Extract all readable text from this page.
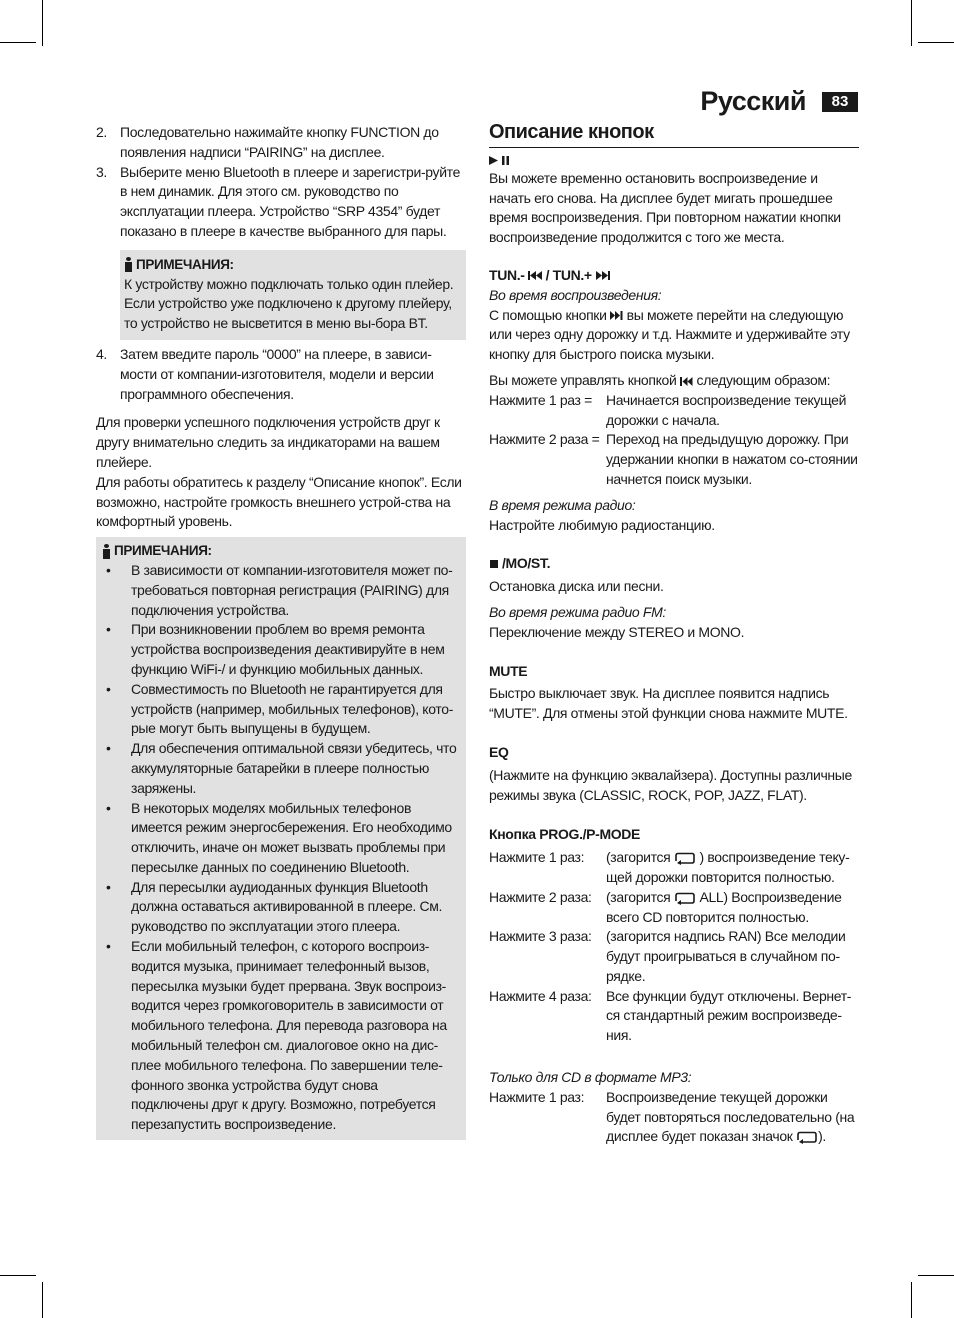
Русский	83
2. Последовательно нажимайте кнопку FUNCTION до появления надписи “PAIRING” на дисплее.
3. Выберите меню Bluetooth в плеере и зарегистри-руйте в нем динамик. Для этого см. руководство по эксплуатации плеера. Устройство “SRP 4354” будет показано в плеере в качестве выбранного для пары.
ПРИМЕЧАНИЯ:

К устройству можно подключать только один плейер. Если устройство уже подключено к другому плейеру, то устройство не высветится в меню вы-бора BT.

4. Затем введите пароль “0000” на плеере, в зависи-мости от компании-изготовителя, модели и версии программного обеспечения.

Для проверки успешного подключения устройств друг к другу внимательно следить за индикаторами на вашем плейере.

Для работы обратитесь к разделу “Описание кнопок”. Если возможно, настройте громкость внешнего устрой-ства на комфортный уровень.

ПРИМЕЧАНИЯ:
•	В зависимости от компании-изготовителя может по-требоваться повторная регистрация (PAIRING) для подключения устройства.
•	При возникновении проблем во время ремонта устройства воспроизведения деактивируйте в нем функцию WiFi-/ и функцию мобильных данных.
•	Совместимость по Bluetooth не гарантируется для устройств (например, мобильных телефонов), кото-рые могут быть выпущены в будущем.
•	Для обеспечения оптимальной связи убедитесь, что аккумуляторные батарейки в плеере полностью заряжены.
•	В некоторых моделях мобильных телефонов имеется режим энергосбережения. Его необходимо отключить, иначе он может вызвать проблемы при пересылке данных по соединению Bluetooth.
•	Для пересылки аудиоданных функция Bluetooth должна оставаться активированной в плеере. См. руководство по эксплуатации этого плеера.
•	Если мобильный телефон, с которого воспроиз-водится музыка, принимает телефонный вызов, пересылка музыки будет прервана. Звук воспроиз-водится через громкоговоритель в зависимости от мобильного телефона. Для перевода разговора на мобильный телефон см. диалоговое окно на дис-плее мобильного телефона. По завершении теле-фонного звонка устройства будут снова подключены друг к другу. Возможно, потребуется перезапустить воспроизведение.
Описание кнопок

Вы можете временно остановить воспроизведение и начать его снова. На дисплее будет мигать прошедшее время воспроизведения. При повторном нажатии кнопки воспроизведение продолжится с того же места.

TUN.- / TUN.+

Во время воспроизведения:

С помощью кнопки вы можете перейти на следующую или через одну дорожку и т.д. Нажмите и удерживайте эту кнопку для быстрого поиска музыки.

Вы можете управлять кнопкой следующим образом:

Нажмите 1 раз =	Начинается воспроизведение текущей дорожки с начала.
Нажмите 2 раза = Переход на предыдущую дорожку. При удержании кнопки в нажатом со-стоянии начнется поиск музыки.

В время режима радио:

Настройте любимую радиостанцию.

/MO/ST.

Остановка диска или песни.

Во время режима радио FM:

Переключение между STEREO и MONO.

MUTE

Быстро выключает звук. На дисплее появится надпись “MUTE”. Для отмены этой функции снова нажмите MUTE.

EQ

(Нажмите на функцию эквалайзера). Доступны различные режимы звука (CLASSIC, ROCK, POP, JAZZ, FLAT).

Кнопка PROG./P-MODE
Нажмите 1 раз:	(загорится ) воспроизведение теку-щей дорожки повторится полностью.
Нажмите 2 раза:	(загорится ALL) Воспроизведение всего CD повторится полностью.
Нажмите 3 раза:	(загорится надпись RAN) Все мелодии будут проигрываться в случайном по-рядке.
Нажмите 4 раза:	Все функции будут отключены. Вернет-ся стандартный режим воспроизведе-ния.

Только для CD в формате MP3:

Нажмите 1 раз:	Воспроизведение текущей дорожки будет повторяться последовательно (на дисплее будет показан значок ).
